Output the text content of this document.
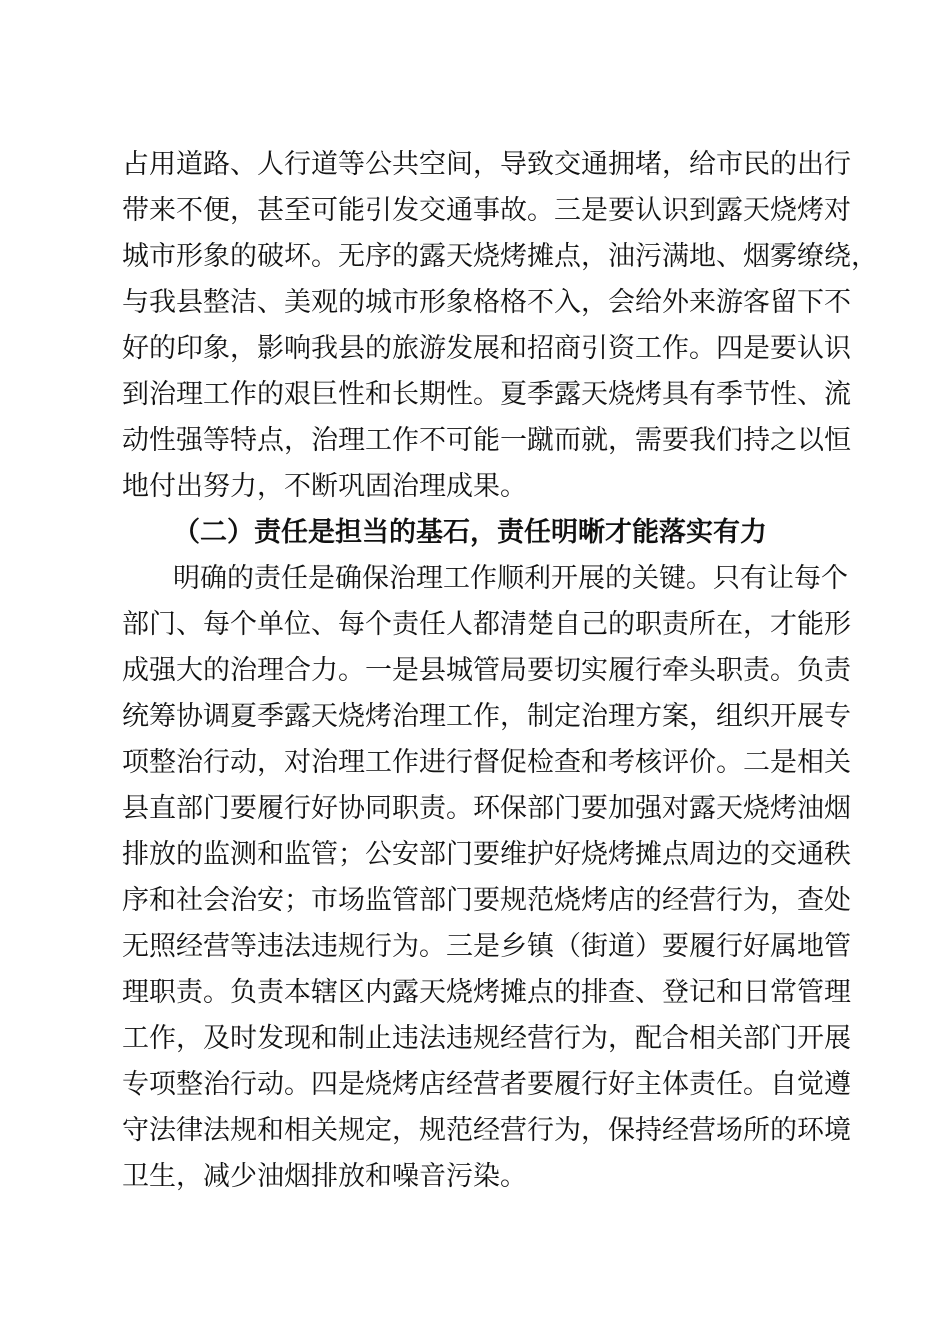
占用道路、人行道等公共空间，导致交通拥堵，给市民的出行
带来不便，甚至可能引发交通事故。三是要认识到露天烧烤对
城市形象的破坏。无序的露天烧烤摊点，油污满地、烟雾缭绕，
与我县整洁、美观的城市形象格格不入，会给外来游客留下不
好的印象，影响我县的旅游发展和招商引资工作。四是要认识
到治理工作的艰巨性和长期性。夏季露天烧烤具有季节性、流
动性强等特点，治理工作不可能一蹴而就，需要我们持之以恒
地付出努力，不断巩固治理成果。
（二）责任是担当的基石，责任明晰才能落实有力
明确的责任是确保治理工作顺利开展的关键。只有让每个
部门、每个单位、每个责任人都清楚自己的职责所在，才能形
成强大的治理合力。一是县城管局要切实履行牵头职责。负责
统筹协调夏季露天烧烤治理工作，制定治理方案，组织开展专
项整治行动，对治理工作进行督促检查和考核评价。二是相关
县直部门要履行好协同职责。环保部门要加强对露天烧烤油烟
排放的监测和监管；公安部门要维护好烧烤摊点周边的交通秩
序和社会治安；市场监管部门要规范烧烤店的经营行为，查处
无照经营等违法违规行为。三是乡镇（街道）要履行好属地管
理职责。负责本辖区内露天烧烤摊点的排查、登记和日常管理
工作，及时发现和制止违法违规经营行为，配合相关部门开展
专项整治行动。四是烧烤店经营者要履行好主体责任。自觉遵
守法律法规和相关规定，规范经营行为，保持经营场所的环境
卫生，减少油烟排放和噪音污染。
